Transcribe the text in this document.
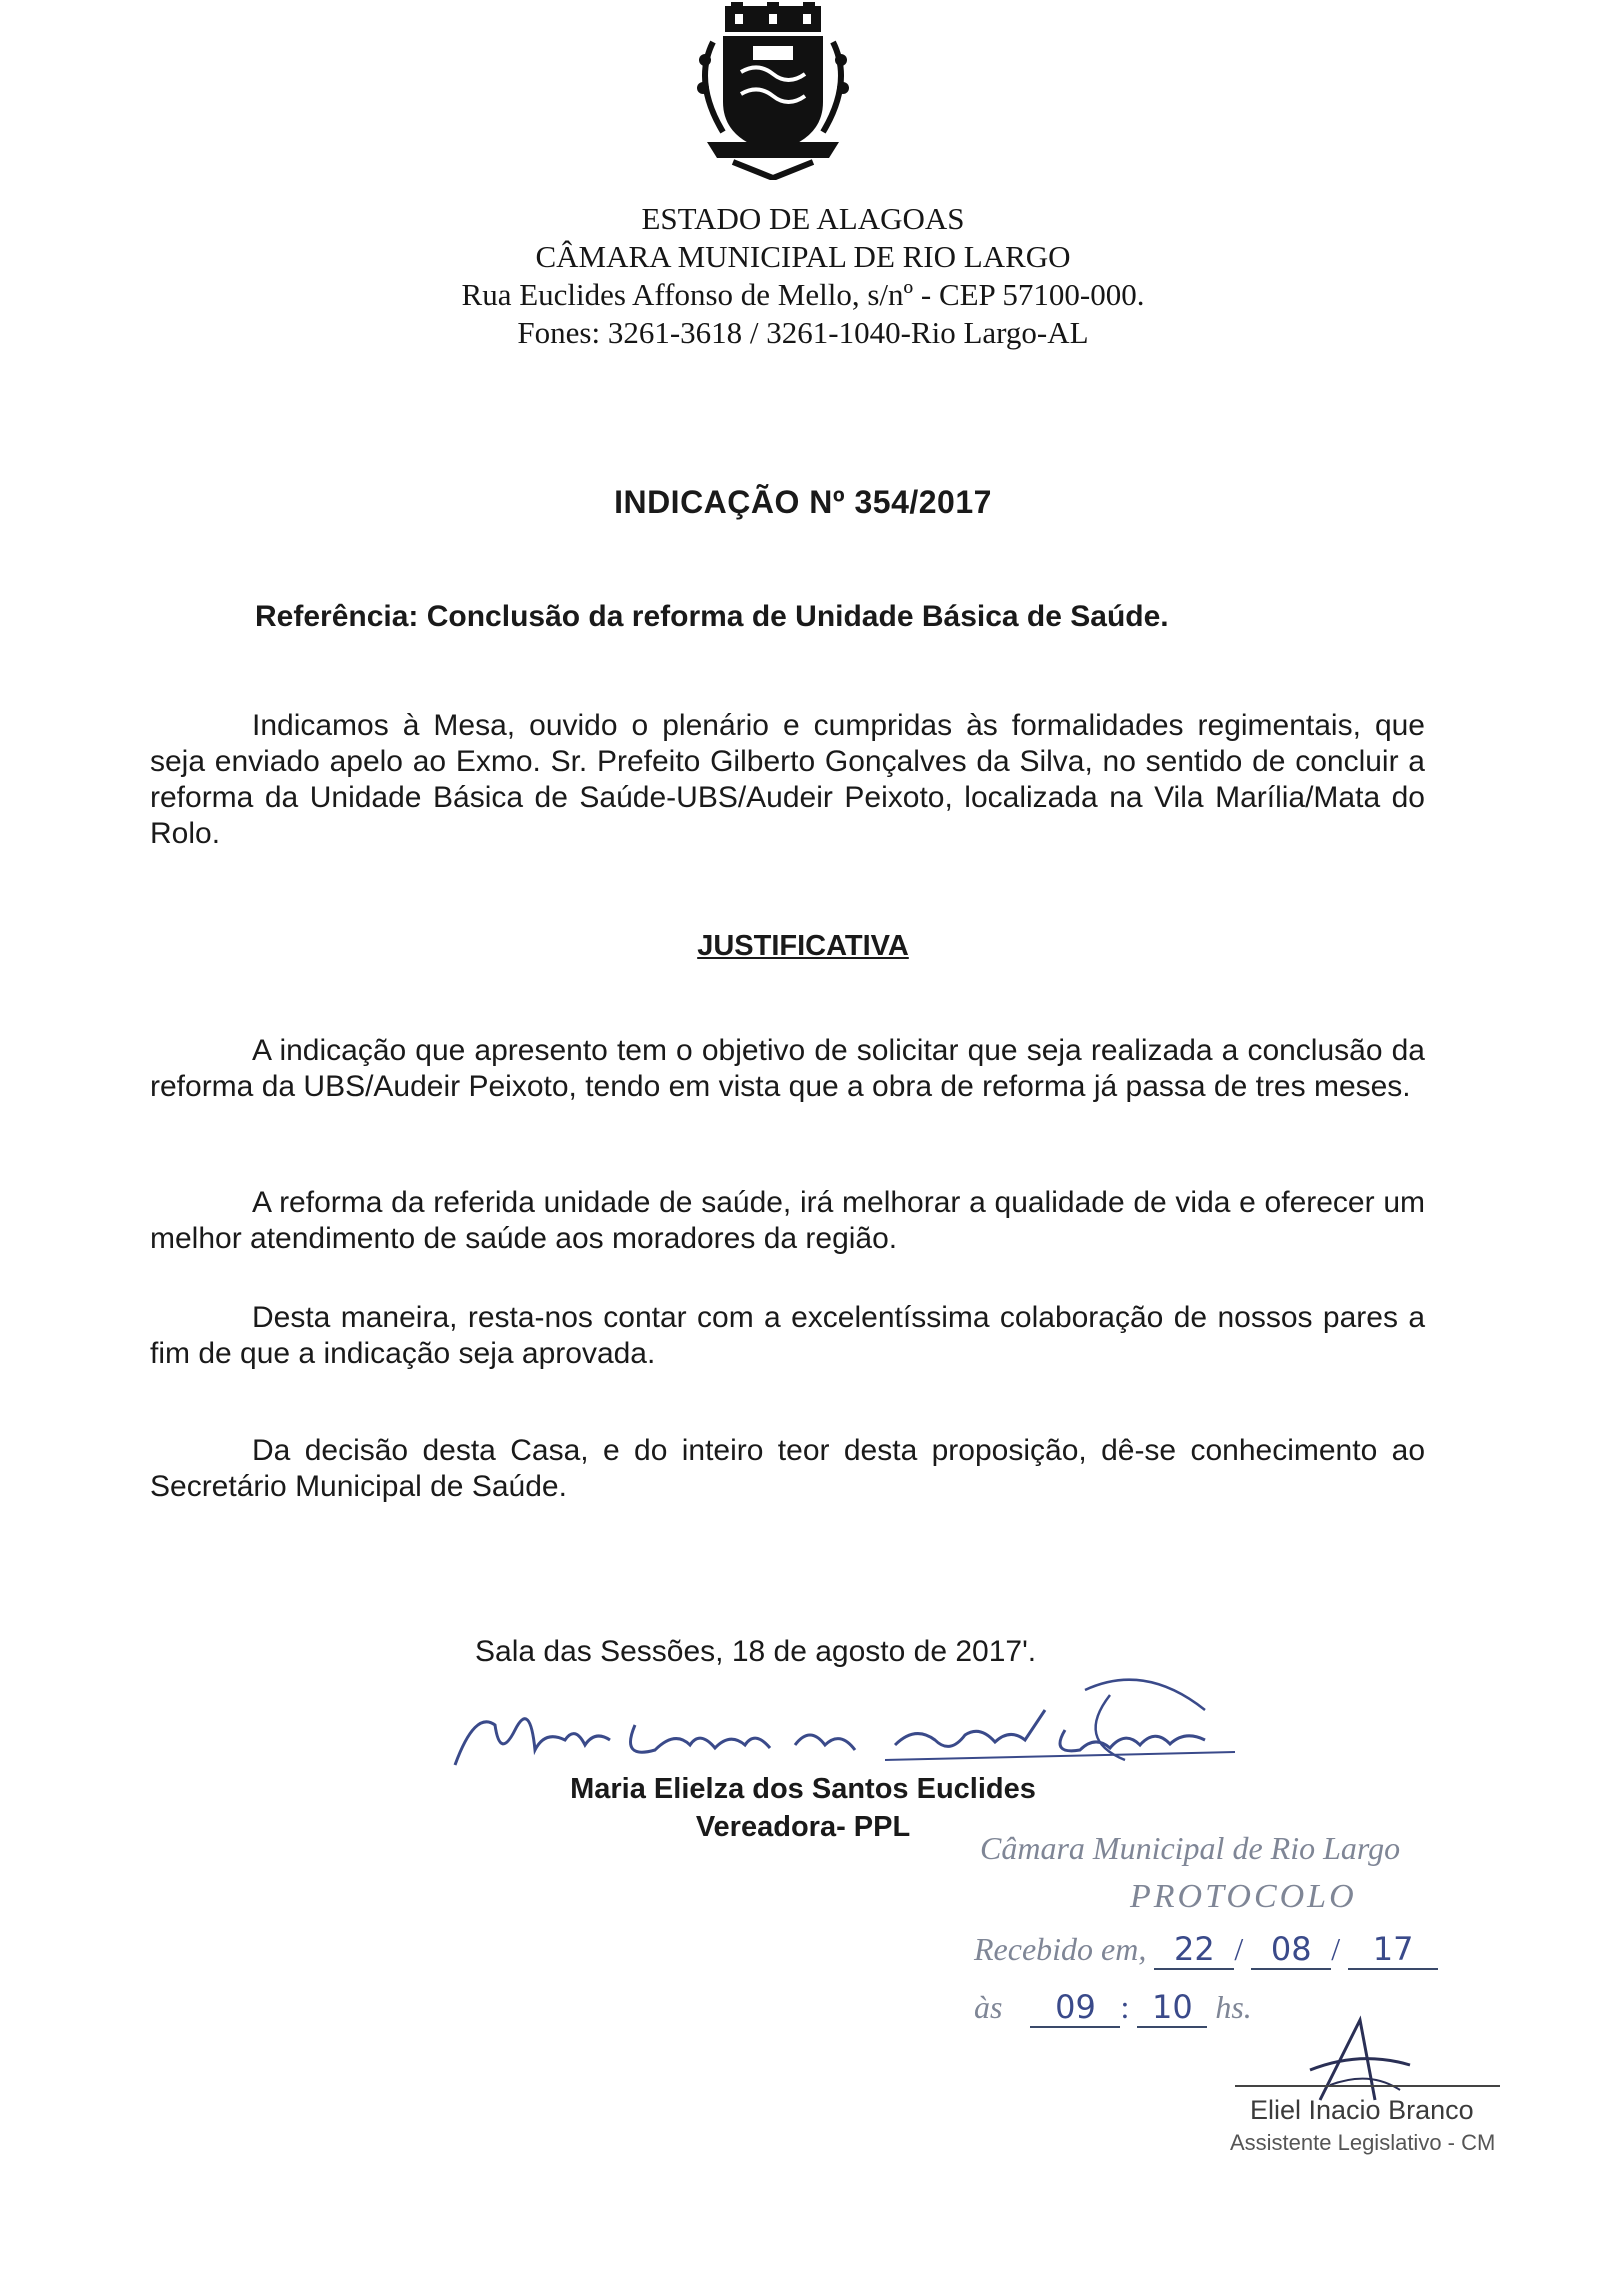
ESTADO DE ALAGOAS
CÂMARA MUNICIPAL DE RIO LARGO
Rua Euclides Affonso de Mello, s/nº - CEP 57100-000.
Fones: 3261-3618 / 3261-1040-Rio Largo-AL
INDICAÇÃO Nº 354/2017
Referência: Conclusão da reforma de Unidade Básica de Saúde.

Indicamos à Mesa, ouvido o plenário e cumpridas às formalidades regimentais, que seja enviado apelo ao Exmo. Sr. Prefeito Gilberto Gonçalves da Silva, no sentido de concluir a reforma da Unidade Básica de Saúde-UBS/Audeir Peixoto, localizada na Vila Marília/Mata do Rolo.

JUSTIFICATIVA

A indicação que apresento tem o objetivo de solicitar que seja realizada a conclusão da reforma da UBS/Audeir Peixoto, tendo em vista que a obra de reforma já passa de tres meses.

A reforma da referida unidade de saúde, irá melhorar a qualidade de vida e oferecer um melhor atendimento de saúde aos moradores da região.

Desta maneira, resta-nos contar com a excelentíssima colaboração de nossos pares a fim de que a indicação seja aprovada.

Da decisão desta Casa, e do inteiro teor desta proposição, dê-se conhecimento ao Secretário Municipal de Saúde.

Sala das Sessões, 18 de agosto de 2017'.
Maria Elielza dos Santos Euclides
Vereadora- PPL
Câmara Municipal de Rio Largo
PROTOCOLO
Recebido em, 22 / 08 / 17
às 09 : 10 hs.
Eliel Inacio Branco
Assistente Legislativo - CM
